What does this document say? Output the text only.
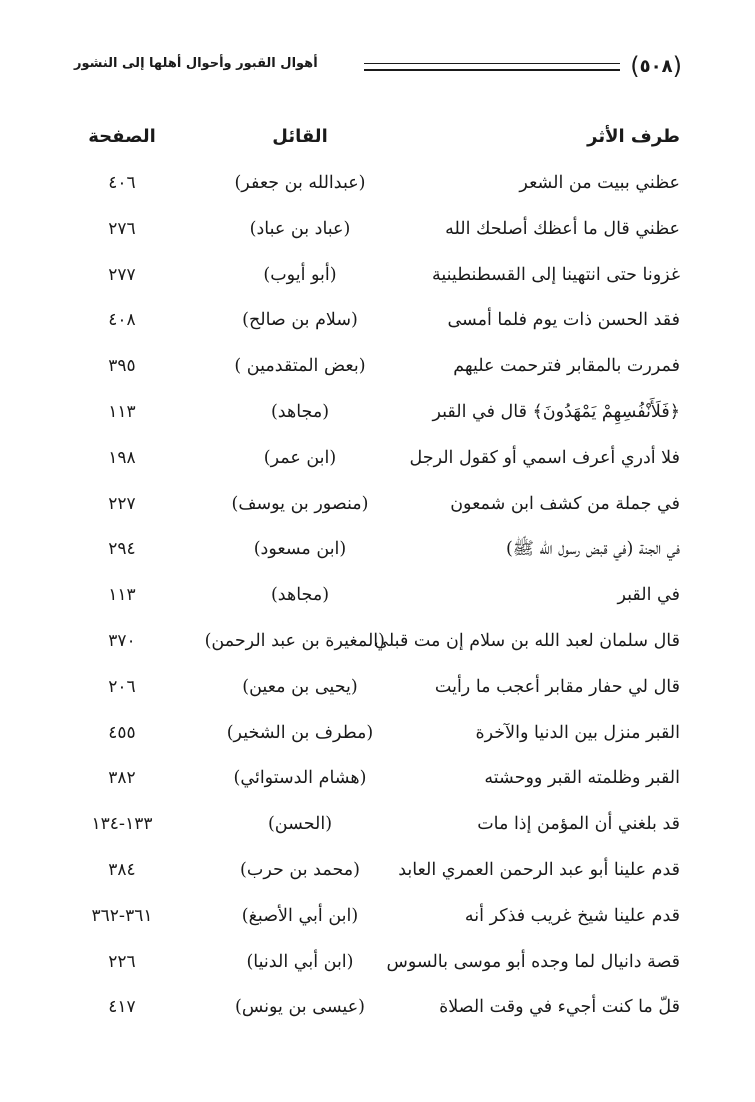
(٥٠٨)
أهوال القبور وأحوال أهلها إلى النشور
طرف الأثر
القائل
الصفحة
عظني ببيت من الشعر
(عبدالله بن جعفر)
٤٠٦
عظني قال ما أعظك أصلحك الله
(عباد بن عباد)
٢٧٦
غزونا حتى انتهينا إلى القسطنطينية
(أبو أيوب)
٢٧٧
فقد الحسن ذات يوم فلما أمسى
(سلام بن صالح)
٤٠٨
فمررت بالمقابر فترحمت عليهم
(بعض المتقدمين )
٣٩٥
﴿فَلَأَنْفُسِهِمْ يَمْهَدُونَ﴾ قال في القبر
(مجاهد)
١١٣
فلا أدري أعرف اسمي أو كقول الرجل
(ابن عمر)
١٩٨
في جملة من كشف ابن شمعون
(منصور بن يوسف)
٢٢٧
في الجنة (في قبض رسول الله ﷺ)
(ابن مسعود)
٢٩٤
في القبر
(مجاهد)
١١٣
قال سلمان لعبد الله بن سلام إن مت قبلي
(المغيرة بن عبد الرحمن)
٣٧٠
قال لي حفار مقابر أعجب ما رأيت
(يحيى بن معين)
٢٠٦
القبر منزل بين الدنيا والآخرة
(مطرف بن الشخير)
٤٥٥
القبر وظلمته القبر ووحشته
(هشام الدستوائي)
٣٨٢
قد بلغني أن المؤمن إذا مات
(الحسن)
١٣٣-١٣٤
قدم علينا أبو عبد الرحمن العمري العابد
(محمد بن حرب)
٣٨٤
قدم علينا شيخ غريب فذكر أنه
(ابن أبي الأصبغ)
٣٦١-٣٦٢
قصة دانيال لما وجده أبو موسى بالسوس
(ابن أبي الدنيا)
٢٢٦
قلّ ما كنت أجيء في وقت الصلاة
(عيسى بن يونس)
٤١٧
